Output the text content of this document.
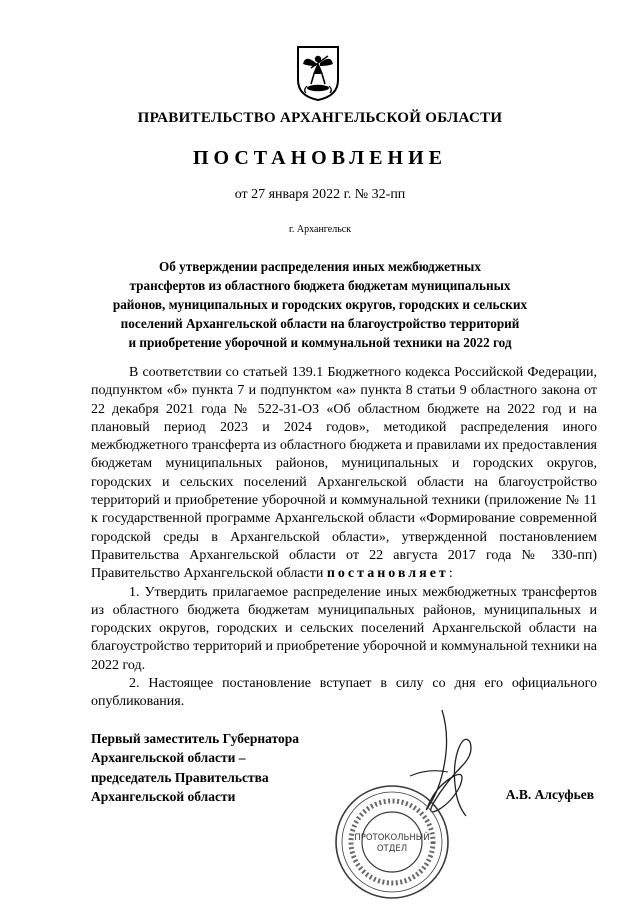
ПРАВИТЕЛЬСТВО АРХАНГЕЛЬСКОЙ ОБЛАСТИ
ПОСТАНОВЛЕНИЕ
от 27 января 2022 г. № 32-пп
г. Архангельск
Об утверждении распределения иных межбюджетных
трансфертов из областного бюджета бюджетам муниципальных
районов, муниципальных и городских округов, городских и сельских
поселений Архангельской области на благоустройство территорий
и приобретение уборочной и коммунальной техники на 2022 год

В соответствии со статьей 139.1 Бюджетного кодекса Российской Федерации, подпунктом «б» пункта 7 и подпунктом «а» пункта 8 статьи 9 областного закона от 22 декабря 2021 года № 522-31-ОЗ «Об областном бюджете на 2022 год и на плановый период 2023 и 2024 годов», методикой распределения иного межбюджетного трансферта из областного бюджета и правилами их предоставления бюджетам муниципальных районов, муниципальных и городских округов, городских и сельских поселений Архангельской области на благоустройство территорий и приобретение уборочной и коммунальной техники (приложение № 11 к государственной программе Архангельской области «Формирование современной городской среды в Архангельской области», утвержденной постановлением Правительства Архангельской области от 22 августа 2017 года № 330-пп) Правительство Архангельской области постановляет:

1. Утвердить прилагаемое распределение иных межбюджетных трансфертов из областного бюджета бюджетам муниципальных районов, муниципальных и городских округов, городских и сельских поселений Архангельской области на благоустройство территорий и приобретение уборочной и коммунальной техники на 2022 год.

2. Настоящее постановление вступает в силу со дня его официального опубликования.

Первый заместитель Губернатора
Архангельской области –
председатель Правительства
Архангельской области	А.В. Алсуфьев
ПРОТОКОЛЬНЫЙ
ОТДЕЛ
